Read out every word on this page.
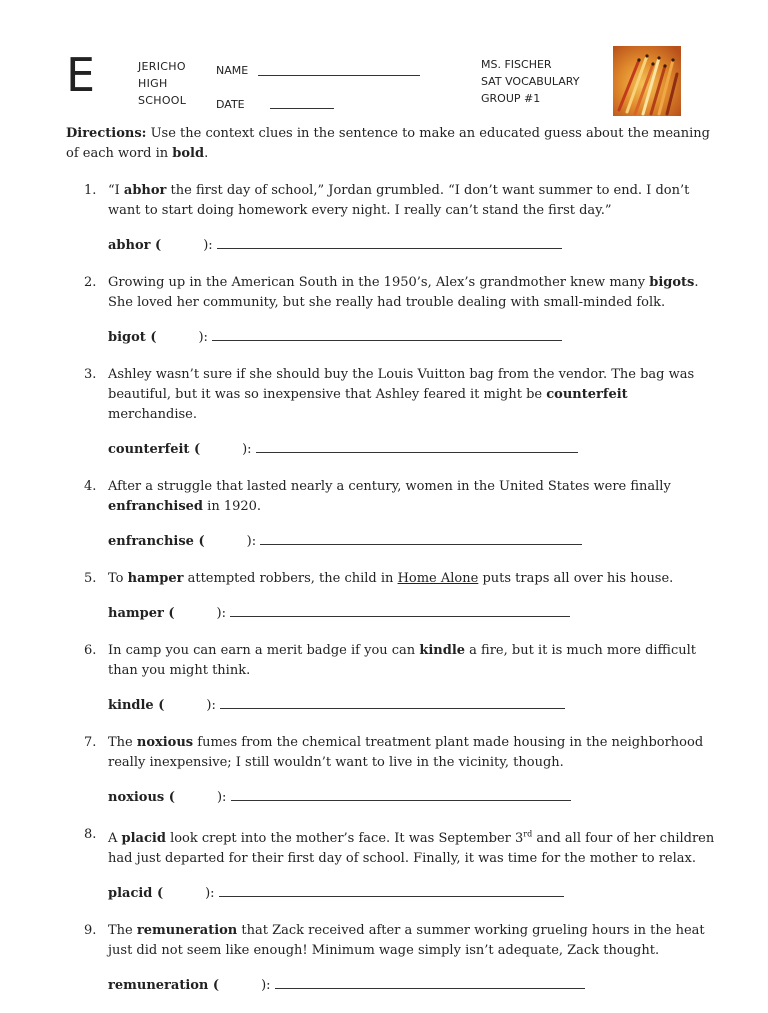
E	JERICHO
HIGH
SCHOOL
NAME
DATE
MS. FISCHER
SAT VOCABULARY
GROUP #1
Directions: Use the context clues in the sentence to make an educated guess about the meaning of each word in bold.
1. “I abhor the first day of school,” Jordan grumbled. “I don’t want summer to end. I don’t want to start doing homework every night. I really can’t stand the first day.”
abhor (	):
2. Growing up in the American South in the 1950’s, Alex’s grandmother knew many bigots. She loved her community, but she really had trouble dealing with small-minded folk.
bigot (	):
3. Ashley wasn’t sure if she should buy the Louis Vuitton bag from the vendor. The bag was beautiful, but it was so inexpensive that Ashley feared it might be counterfeit merchandise.
counterfeit (	):
4. After a struggle that lasted nearly a century, women in the United States were finally enfranchised in 1920.
enfranchise (	):
5. To hamper attempted robbers, the child in Home Alone puts traps all over his house.
hamper (	):
6. In camp you can earn a merit badge if you can kindle a fire, but it is much more difficult than you might think.
kindle (	):
7. The noxious fumes from the chemical treatment plant made housing in the neighborhood really inexpensive; I still wouldn’t want to live in the vicinity, though.
noxious (	):
8. A placid look crept into the mother’s face. It was September 3rd and all four of her children had just departed for their first day of school. Finally, it was time for the mother to relax.
placid (	):
9. The remuneration that Zack received after a summer working grueling hours in the heat just did not seem like enough! Minimum wage simply isn’t adequate, Zack thought.
remuneration (	):
